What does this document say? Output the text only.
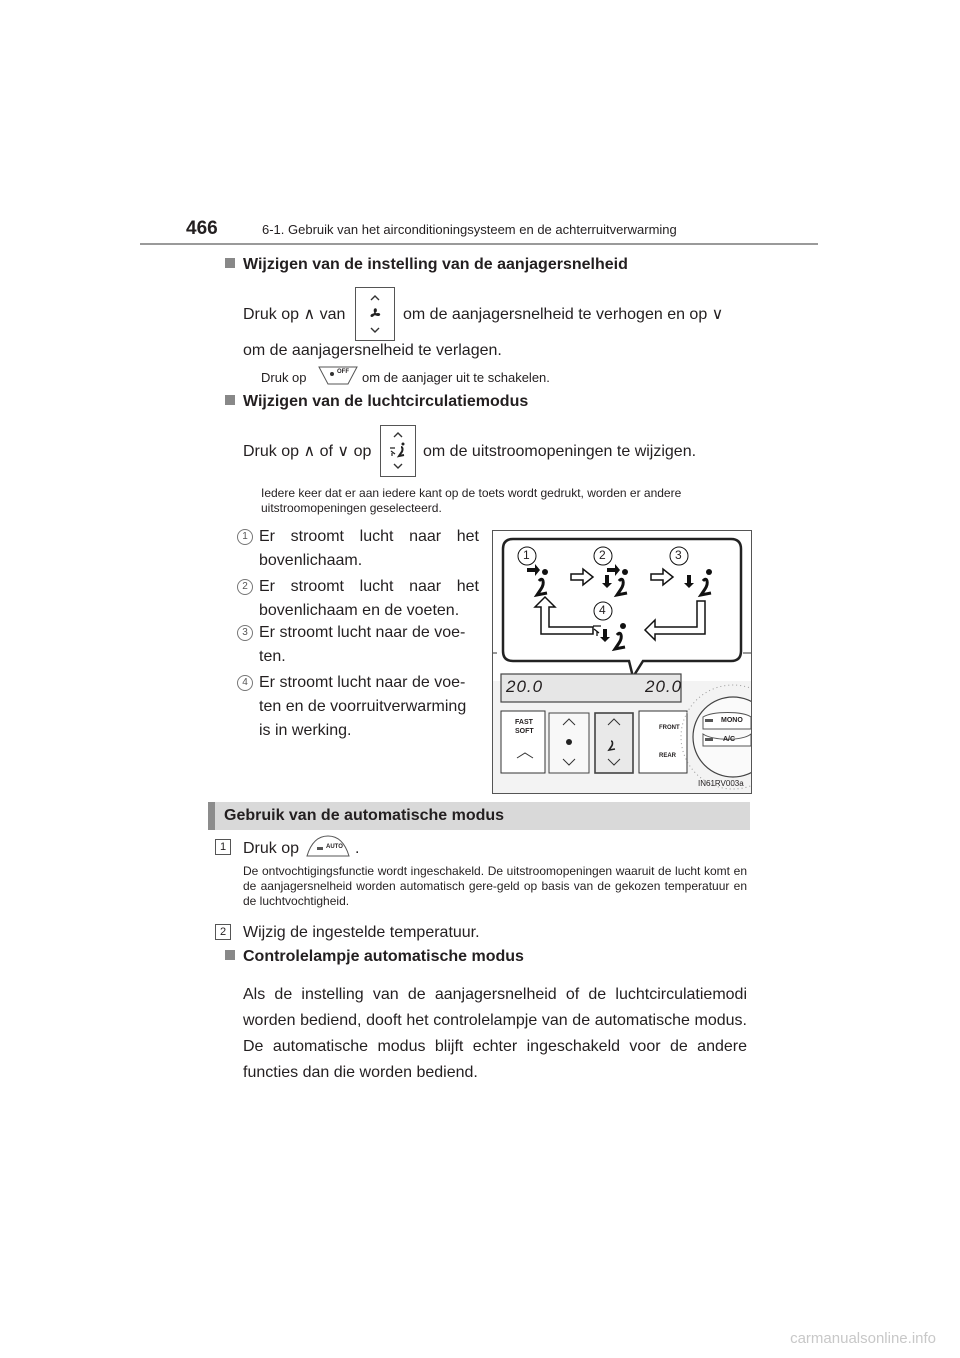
466	6-1. Gebruik van het airconditioningsysteem en de achterruitverwarming
Wijzigen van de instelling van de aanjagersnelheid
Druk op ∧ van	om de aanjagersnelheid te verhogen en op ∨
om de aanjagersnelheid te verlagen.
Druk op	OFF om de aanjager uit te schakelen.
Wijzigen van de luchtcirculatiemodus
Druk op ∧ of ∨ op	om de uitstroomopeningen te wijzigen.
Iedere keer dat er aan iedere kant op de toets wordt gedrukt, worden er andere uitstroomopeningen geselecteerd.
1 Er stroomt lucht naar het bovenlichaam.
2 Er stroomt lucht naar het bovenlichaam en de voeten.
3 Er stroomt lucht naar de voe-ten.
4 Er stroomt lucht naar de voe-ten en de voorruitverwarming is in werking.
1	2	3
4
20.0	20.0
FAST
SOFT
MONO
A/C
FRONT
REAR
IN61RV003a
Gebruik van de automatische modus
1	Druk op	AUTO .
De ontvochtigingsfunctie wordt ingeschakeld. De uitstroomopeningen waaruit de lucht komt en de aanjagersnelheid worden automatisch gere-geld op basis van de gekozen temperatuur en de luchtvochtigheid.
2	Wijzig de ingestelde temperatuur.
Controlelampje automatische modus
Als de instelling van de aanjagersnelheid of de luchtcirculatiemodi worden bediend, dooft het controlelampje van de automatische modus. De automatische modus blijft echter ingeschakeld voor de andere functies dan die worden bediend.
carmanualsonline.info
